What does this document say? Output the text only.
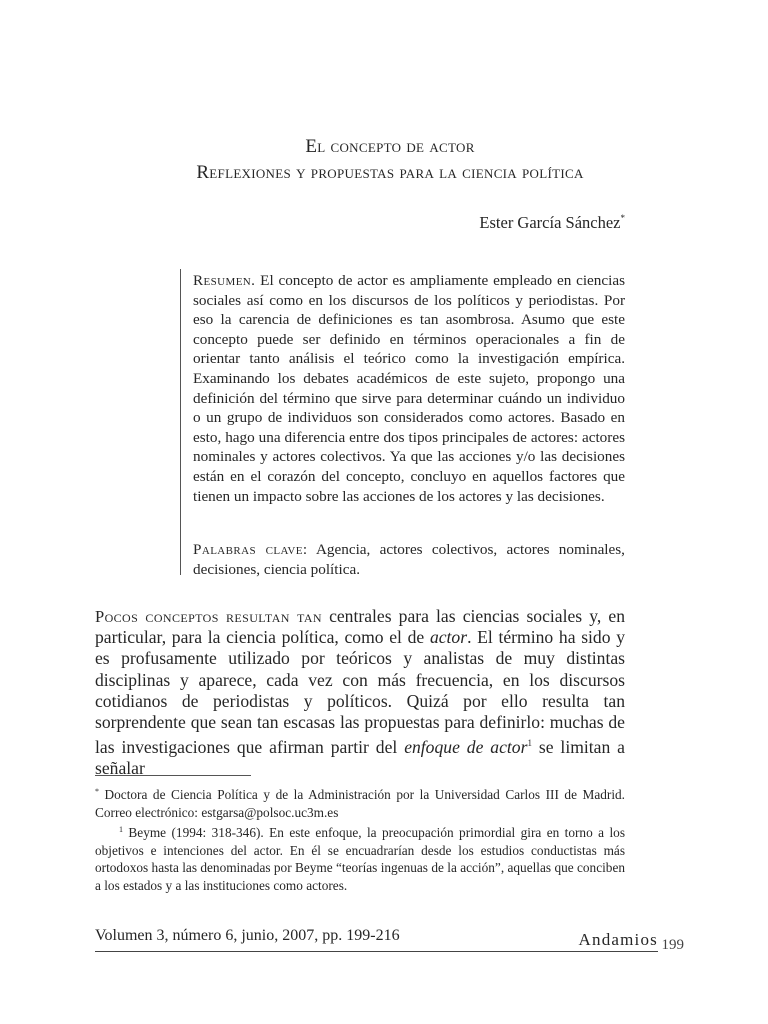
El concepto de actor
Reflexiones y propuestas para la ciencia política
Ester García Sánchez*

Resumen. El concepto de actor es ampliamente empleado en ciencias sociales así como en los discursos de los políticos y periodistas. Por eso la carencia de definiciones es tan asombrosa. Asumo que este concepto puede ser definido en términos operacionales a fin de orientar tanto análisis el teórico como la investigación empírica. Examinando los debates académicos de este sujeto, propongo una definición del término que sirve para determinar cuándo un individuo o un grupo de individuos son considerados como actores. Basado en esto, hago una diferencia entre dos tipos principales de actores: actores nominales y actores colectivos. Ya que las acciones y/o las decisiones están en el corazón del concepto, concluyo en aquellos factores que tienen un impacto sobre las acciones de los actores y las decisiones.

Palabras clave: Agencia, actores colectivos, actores nominales, decisiones, ciencia política.

Pocos conceptos resultan tan centrales para las ciencias sociales y, en particular, para la ciencia política, como el de actor. El término ha sido y es profusamente utilizado por teóricos y analistas de muy distintas disciplinas y aparece, cada vez con más frecuencia, en los discursos cotidianos de periodistas y políticos. Quizá por ello resulta tan sorprendente que sean tan escasas las propuestas para definirlo: muchas de las investigaciones que afirman partir del enfoque de actor$^1$ se limitan a señalar

* Doctora de Ciencia Política y de la Administración por la Universidad Carlos III de Madrid. Correo electrónico: estgarsa@polsoc.uc3m.es

$^1$ Beyme (1994: 318-346). En este enfoque, la preocupación primordial gira en torno a los objetivos e intenciones del actor. En él se encuadrarían desde los estudios conductistas más ortodoxos hasta las denominadas por Beyme “teorías ingenuas de la acción”, aquellas que conciben a los estados y a las instituciones como actores.

Volumen 3, número 6, junio, 2007, pp. 199-216	Andamios 199
